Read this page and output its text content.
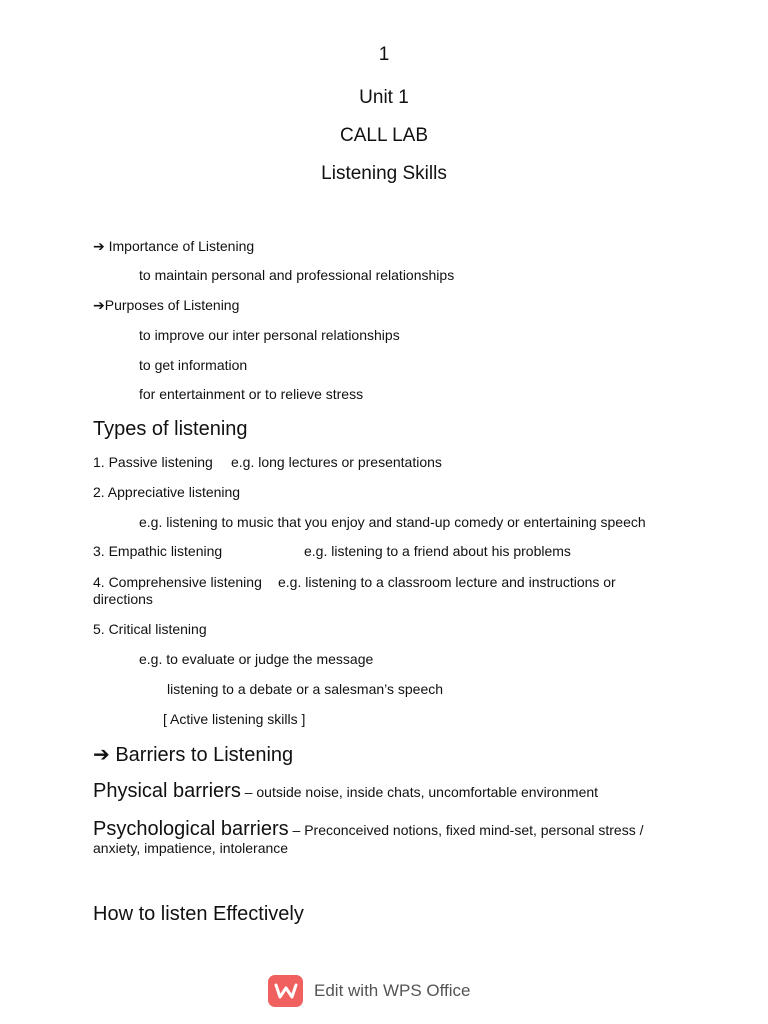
1
Unit 1
CALL LAB
Listening Skills
➔ Importance of Listening
to maintain personal and professional relationships
➔Purposes of Listening
to improve our inter personal relationships
to get information
for entertainment or to relieve stress
Types of listening
1. Passive listening e.g. long lectures or presentations
2. Appreciative listening
e.g. listening to music that you enjoy and stand-up comedy or entertaining speech
3. Empathic listening	e.g. listening to a friend about his problems
4. Comprehensive listening e.g. listening to a classroom lecture and instructions or
directions
5. Critical listening
e.g. to evaluate or judge the message
listening to a debate or a salesman’s speech
[ Active listening skills ]
➔ Barriers to Listening
Physical barriers – outside noise, inside chats, uncomfortable environment
Psychological barriers – Preconceived notions, fixed mind-set, personal stress / anxiety, impatience, intolerance
How to listen Effectively
Edit with WPS Office
